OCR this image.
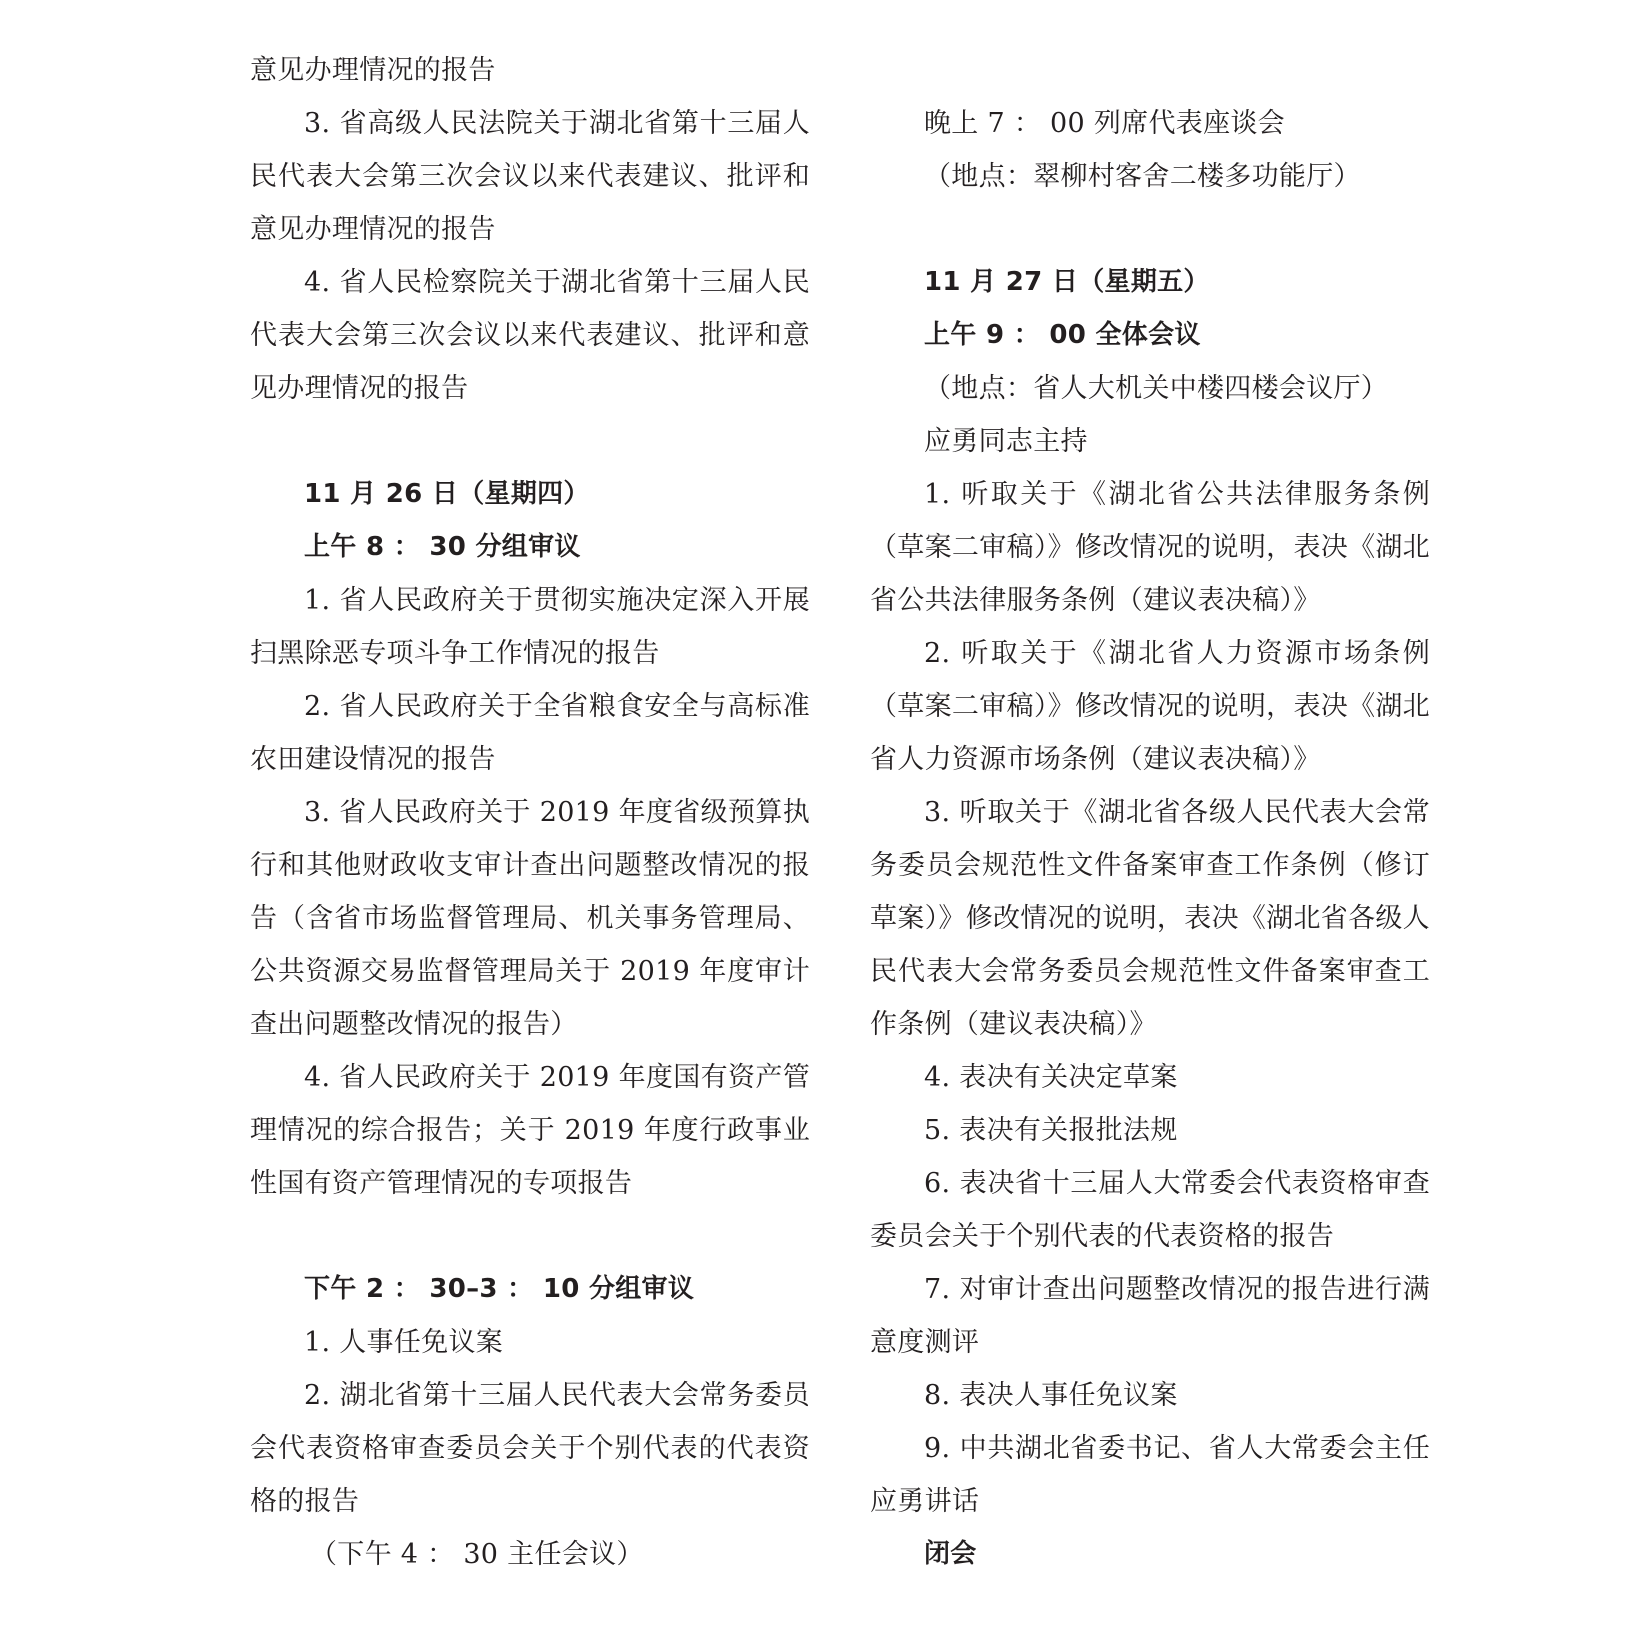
意见办理情况的报告

3. 省高级人民法院关于湖北省第十三届人民代表大会第三次会议以来代表建议、批评和意见办理情况的报告

4. 省人民检察院关于湖北省第十三届人民代表大会第三次会议以来代表建议、批评和意见办理情况的报告

11 月 26 日（星期四）

上午 8 ： 30 分组审议

1. 省人民政府关于贯彻实施决定深入开展扫黑除恶专项斗争工作情况的报告

2. 省人民政府关于全省粮食安全与高标准农田建设情况的报告

3. 省人民政府关于 2019 年度省级预算执行和其他财政收支审计查出问题整改情况的报告（含省市场监督管理局、机关事务管理局、公共资源交易监督管理局关于 2019 年度审计查出问题整改情况的报告）

4. 省人民政府关于 2019 年度国有资产管理情况的综合报告；关于 2019 年度行政事业性国有资产管理情况的专项报告

下午 2 ： 30–3 ： 10 分组审议

1. 人事任免议案

2. 湖北省第十三届人民代表大会常务委员会代表资格审查委员会关于个别代表的代表资格的报告

（下午 4 ： 30 主任会议）

晚上 7 ： 00 列席代表座谈会

（地点：翠柳村客舍二楼多功能厅）

11 月 27 日（星期五）

上午 9 ： 00 全体会议

（地点：省人大机关中楼四楼会议厅）

应勇同志主持

1. 听取关于《湖北省公共法律服务条例（草案二审稿）》修改情况的说明，表决《湖北省公共法律服务条例（建议表决稿）》

2. 听取关于《湖北省人力资源市场条例（草案二审稿）》修改情况的说明，表决《湖北省人力资源市场条例（建议表决稿）》

3. 听取关于《湖北省各级人民代表大会常务委员会规范性文件备案审查工作条例（修订草案）》修改情况的说明，表决《湖北省各级人民代表大会常务委员会规范性文件备案审查工作条例（建议表决稿）》

4. 表决有关决定草案

5. 表决有关报批法规

6. 表决省十三届人大常委会代表资格审查委员会关于个别代表的代表资格的报告

7. 对审计查出问题整改情况的报告进行满意度测评

8. 表决人事任免议案

9. 中共湖北省委书记、省人大常委会主任应勇讲话

闭会
